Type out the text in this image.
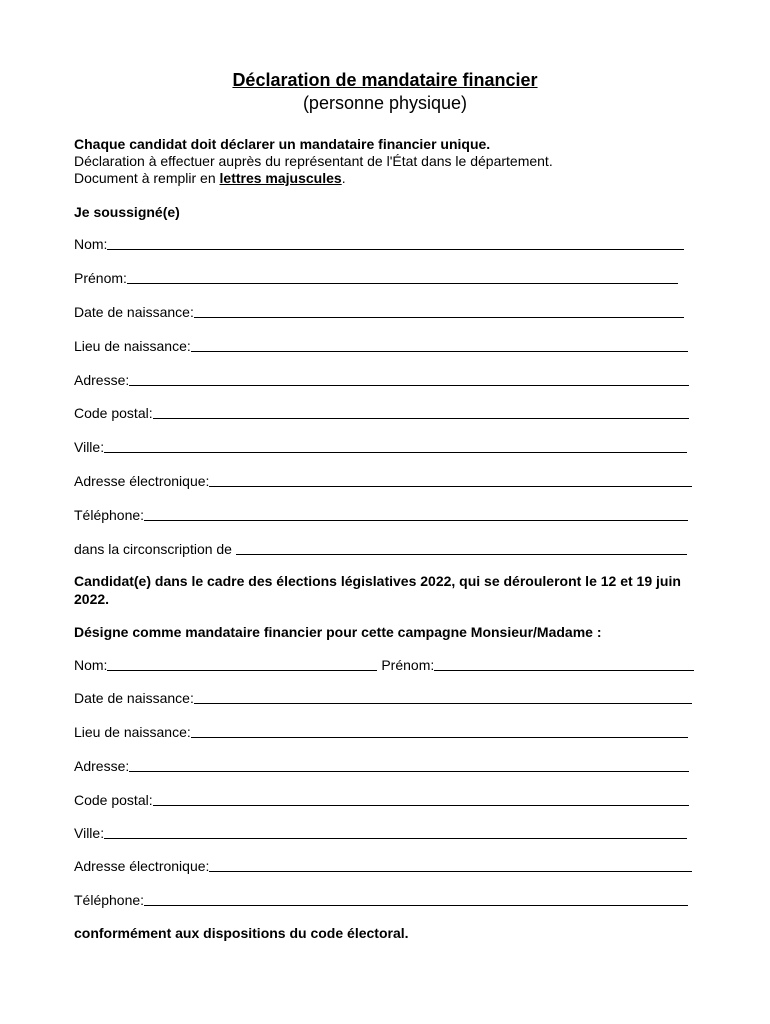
Déclaration de mandataire financier
(personne physique)
Chaque candidat doit déclarer un mandataire financier unique.
Déclaration à effectuer auprès du représentant de l'État dans le département.
Document à remplir en lettres majuscules.
Je soussigné(e)
Nom:
Prénom:
Date de naissance:
Lieu de naissance:
Adresse:
Code postal:
Ville:
Adresse électronique:
Téléphone:
dans la circonscription de
Candidat(e) dans le cadre des élections législatives 2022, qui se dérouleront le 12 et 19 juin 2022.
Désigne comme mandataire financier pour cette campagne Monsieur/Madame :
Nom:	Prénom:
Date de naissance:
Lieu de naissance:
Adresse:
Code postal:
Ville:
Adresse électronique:
Téléphone:
conformément aux dispositions du code électoral.
